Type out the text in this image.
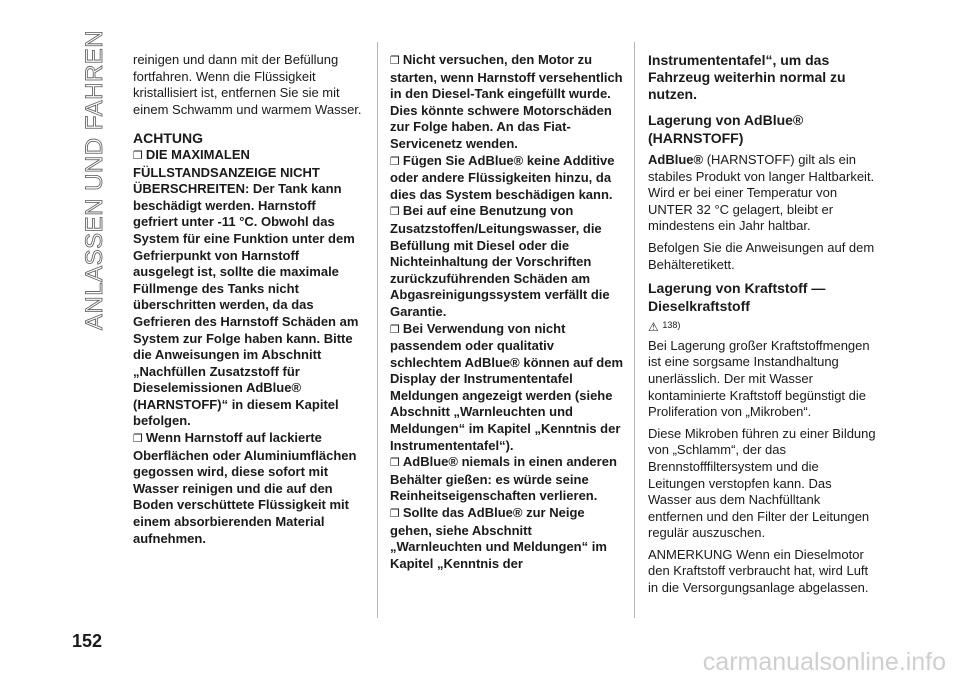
ANLASSEN UND FAHREN
152

reinigen und dann mit der Befüllung fortfahren. Wenn die Flüssigkeit kristallisiert ist, entfernen Sie sie mit einem Schwamm und warmem Wasser.

ACHTUNG

❐ DIE MAXIMALEN FÜLLSTANDSANZEIGE NICHT ÜBERSCHREITEN: Der Tank kann beschädigt werden. Harnstoff gefriert unter -11 °C. Obwohl das System für eine Funktion unter dem Gefrierpunkt von Harnstoff ausgelegt ist, sollte die maximale Füllmenge des Tanks nicht überschritten werden, da das Gefrieren des Harnstoff Schäden am System zur Folge haben kann. Bitte die Anweisungen im Abschnitt „Nachfüllen Zusatzstoff für Dieselemissionen AdBlue® (HARNSTOFF)“ in diesem Kapitel befolgen.

❐ Wenn Harnstoff auf lackierte Oberflächen oder Aluminiumflächen gegossen wird, diese sofort mit Wasser reinigen und die auf den Boden verschüttete Flüssigkeit mit einem absorbierenden Material aufnehmen.

❐ Nicht versuchen, den Motor zu starten, wenn Harnstoff versehentlich in den Diesel-Tank eingefüllt wurde. Dies könnte schwere Motorschäden zur Folge haben. An das Fiat-Servicenetz wenden.

❐ Fügen Sie AdBlue® keine Additive oder andere Flüssigkeiten hinzu, da dies das System beschädigen kann.

❐ Bei auf eine Benutzung von Zusatzstoffen/Leitungswasser, die Befüllung mit Diesel oder die Nichteinhaltung der Vorschriften zurückzuführenden Schäden am Abgasreinigungssystem verfällt die Garantie.

❐ Bei Verwendung von nicht passendem oder qualitativ schlechtem AdBlue® können auf dem Display der Instrumententafel Meldungen angezeigt werden (siehe Abschnitt „Warnleuchten und Meldungen“ im Kapitel „Kenntnis der Instrumententafel“).

❐ AdBlue® niemals in einen anderen Behälter gießen: es würde seine Reinheitseigenschaften verlieren.

❐ Sollte das AdBlue® zur Neige gehen, siehe Abschnitt „Warnleuchten und Meldungen“ im Kapitel „Kenntnis der

Instrumententafel“, um das Fahrzeug weiterhin normal zu nutzen.

Lagerung von AdBlue® (HARNSTOFF)

AdBlue® (HARNSTOFF) gilt als ein stabiles Produkt von langer Haltbarkeit. Wird er bei einer Temperatur von UNTER 32 °C gelagert, bleibt er mindestens ein Jahr haltbar.

Befolgen Sie die Anweisungen auf dem Behälteretikett.

Lagerung von Kraftstoff — Dieselkraftstoff

⚠ $^{138)}$

Bei Lagerung großer Kraftstoffmengen ist eine sorgsame Instandhaltung unerlässlich. Der mit Wasser kontaminierte Kraftstoff begünstigt die Proliferation von „Mikroben“.

Diese Mikroben führen zu einer Bildung von „Schlamm“, der das Brennstofffiltersystem und die Leitungen verstopfen kann. Das Wasser aus dem Nachfülltank entfernen und den Filter der Leitungen regulär auszuschen.

ANMERKUNG Wenn ein Dieselmotor den Kraftstoff verbraucht hat, wird Luft in die Versorgungsanlage abgelassen.

carmanualsonline.info
